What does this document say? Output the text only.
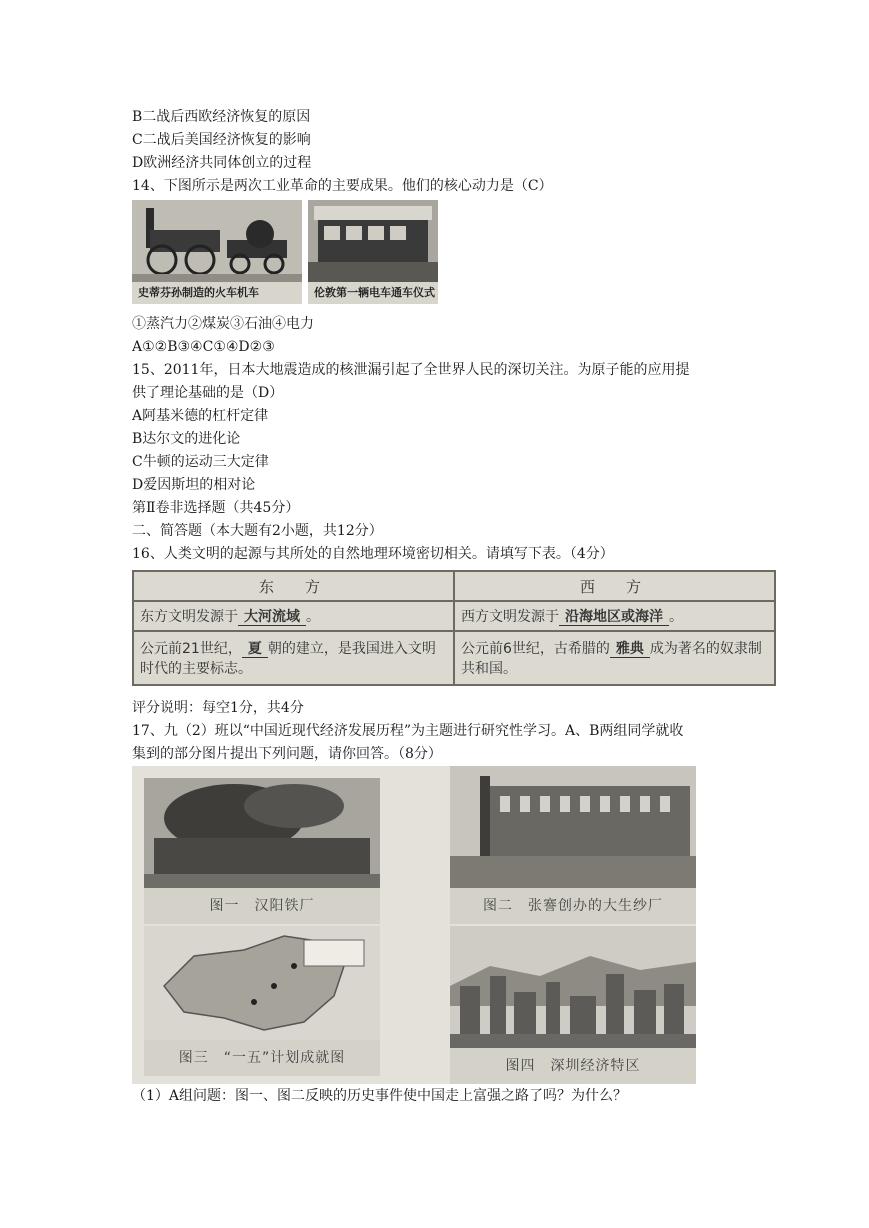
B二战后西欧经济恢复的原因
C二战后美国经济恢复的影响
D欧洲经济共同体创立的过程
14、下图所示是两次工业革命的主要成果。他们的核心动力是（C）
史蒂芬孙制造的火车机车	伦敦第一辆电车通车仪式
①蒸汽力②煤炭③石油④电力
A①②B③④C①④D②③
15、2011年，日本大地震造成的核泄漏引起了全世界人民的深切关注。为原子能的应用提
供了理论基础的是（D）
A阿基米德的杠杆定律
B达尔文的进化论
C牛顿的运动三大定律
D爱因斯坦的相对论
第Ⅱ卷非选择题（共45分）
二、简答题（本大题有2小题，共12分）
16、人类文明的起源与其所处的自然地理环境密切相关。请填写下表。（4分）
东　方	西　方
东方文明发源于 大河流域 。	西方文明发源于 沿海地区或海洋 。
公元前21世纪， 夏 朝的建立，是我国进入文明时代的主要标志。	公元前6世纪，古希腊的 雅典 成为著名的奴隶制共和国。
评分说明：每空1分，共4分
17、九（2）班以“中国近现代经济发展历程”为主题进行研究性学习。A、B两组同学就收
集到的部分图片提出下列问题，请你回答。（8分）
图一　汉阳铁厂	图二　张謇创办的大生纱厂
图三　“一五”计划成就图	图四　深圳经济特区
（1）A组问题：图一、图二反映的历史事件使中国走上富强之路了吗？为什么？
